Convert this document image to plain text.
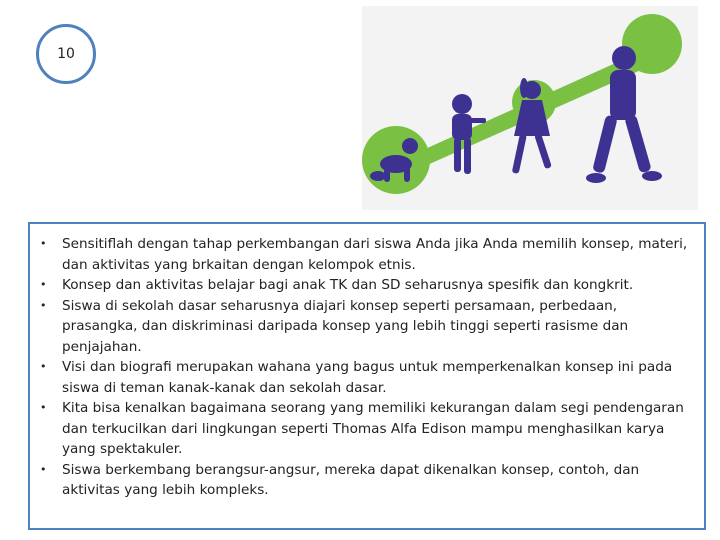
10
• Sensitiflah dengan tahap perkembangan dari siswa Anda jika Anda memilih konsep, materi, dan aktivitas yang brkaitan dengan kelompok etnis.
• Konsep dan aktivitas belajar bagi anak TK dan SD seharusnya spesifik dan kongkrit.
• Siswa di sekolah dasar seharusnya diajari konsep seperti persamaan, perbedaan, prasangka, dan diskriminasi daripada konsep yang lebih tinggi seperti rasisme dan penjajahan.
• Visi dan biografi merupakan wahana yang bagus untuk memperkenalkan konsep ini pada siswa di teman kanak-kanak dan sekolah dasar.
• Kita bisa kenalkan bagaimana seorang yang memiliki kekurangan dalam segi pendengaran dan terkucilkan dari lingkungan seperti Thomas Alfa Edison mampu menghasilkan karya yang spektakuler.
• Siswa berkembang berangsur-angsur, mereka dapat dikenalkan konsep, contoh, dan aktivitas yang lebih kompleks.
